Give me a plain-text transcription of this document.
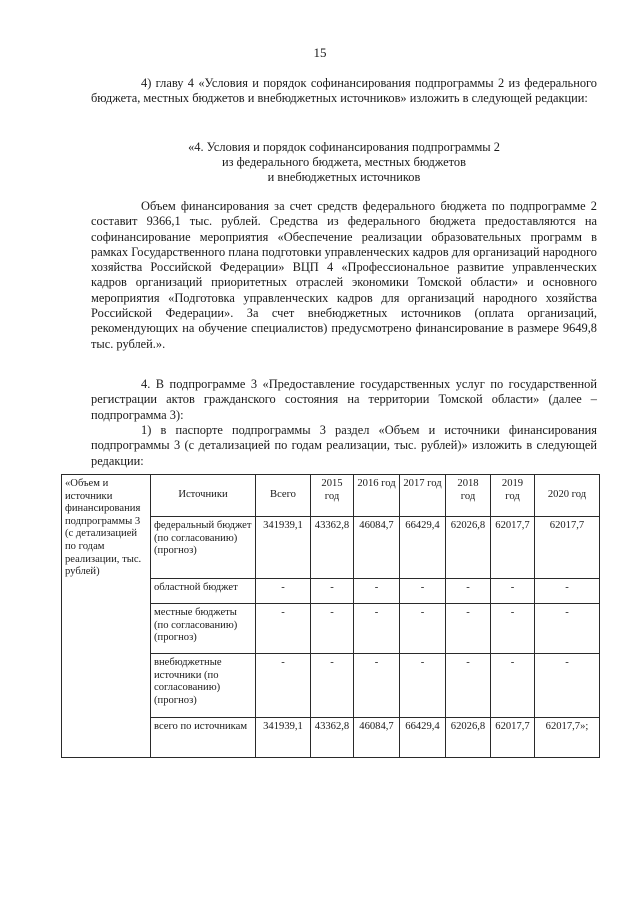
15

4) главу 4 «Условия и порядок софинансирования подпрограммы 2 из федерального бюджета, местных бюджетов и внебюджетных источников» изложить в следующей редакции:

«4. Условия и порядок софинансирования подпрограммы 2

из федерального бюджета, местных бюджетов

и внебюджетных источников

Объем финансирования за счет средств федерального бюджета по подпрограмме 2 составит 9366,1 тыс. рублей. Средства из федерального бюджета предоставляются на софинансирование мероприятия «Обеспечение реализации образовательных программ в рамках Государственного плана подготовки управленческих кадров для организаций народного хозяйства Российской Федерации» ВЦП 4 «Профессиональное развитие управленческих кадров организаций приоритетных отраслей экономики Томской области» и основного мероприятия «Подготовка управленческих кадров для организаций народного хозяйства Российской Федерации». За счет внебюджетных источников (оплата организаций, рекомендующих на обучение специалистов) предусмотрено финансирование в размере 9649,8 тыс. рублей.».

4. В подпрограмме 3 «Предоставление государственных услуг по государственной регистрации актов гражданского состояния на территории Томской области» (далее – подпрограмма 3):

1) в паспорте подпрограммы 3 раздел «Объем и источники финансирования подпрограммы 3 (с детализацией по годам реализации, тыс. рублей)» изложить в следующей редакции:

«Объем и источники финансирования подпрограммы 3 (с детализацией по годам реализации, тыс. рублей)	Источники	Всего	2015 год	2016 год	2017 год	2018 год	2019 год	2020 год
	федеральный бюджет (по согласованию) (прогноз)	341939,1	43362,8	46084,7	66429,4	62026,8	62017,7	62017,7
	областной бюджет	-	-	-	-	-	-	-
	местные бюджеты (по согласованию) (прогноз)	-	-	-	-	-	-	-
	внебюджетные источники (по согласованию) (прогноз)	-	-	-	-	-	-	-
	всего по источникам	341939,1	43362,8	46084,7	66429,4	62026,8	62017,7	62017,7»;
